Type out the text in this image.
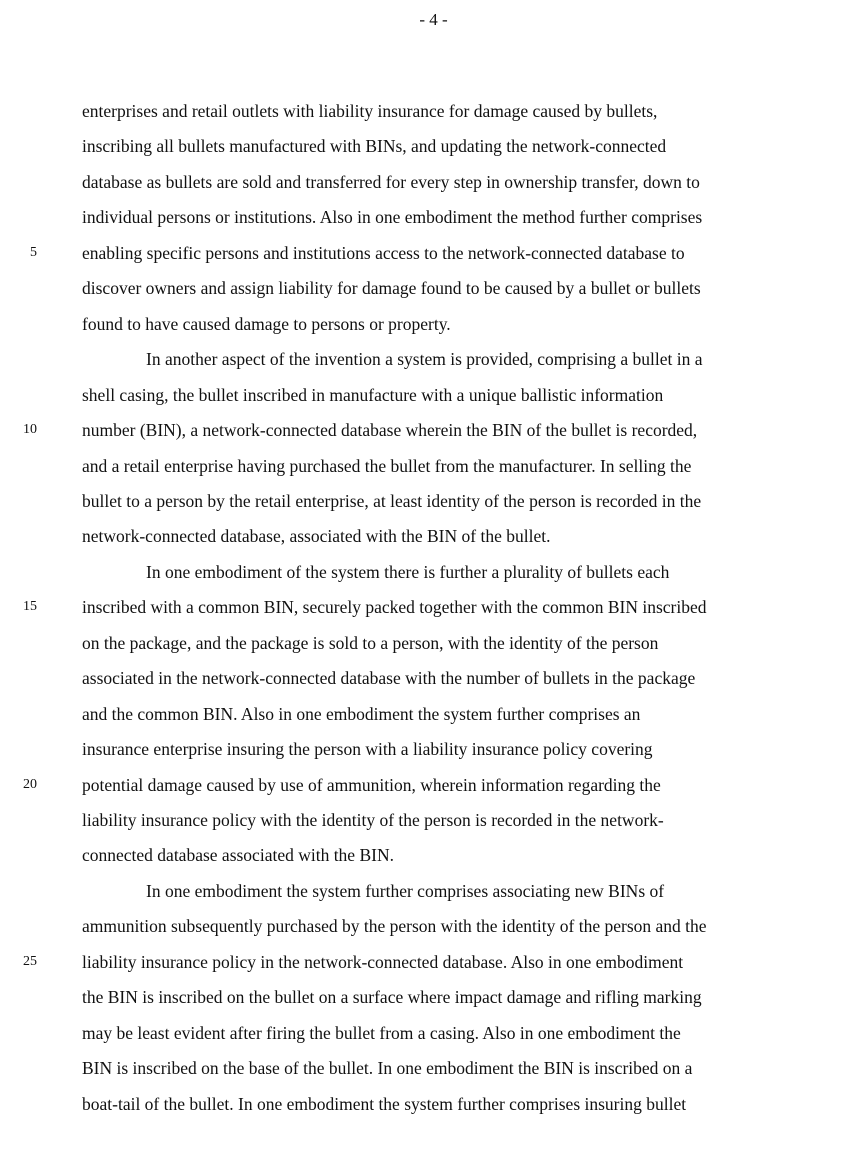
- 4 -
enterprises and retail outlets with liability insurance for damage caused by bullets,
inscribing all bullets manufactured with BINs, and updating the network-connected
database as bullets are sold and transferred for every step in ownership transfer, down to
individual persons or institutions. Also in one embodiment the method further comprises
enabling specific persons and institutions access to the network-connected database to
5
discover owners and assign liability for damage found to be caused by a bullet or bullets
found to have caused damage to persons or property.
In another aspect of the invention a system is provided, comprising a bullet in a
shell casing, the bullet inscribed in manufacture with a unique ballistic information
number (BIN), a network-connected database wherein the BIN of the bullet is recorded,
10
and a retail enterprise having purchased the bullet from the manufacturer. In selling the
bullet to a person by the retail enterprise, at least identity of the person is recorded in the
network-connected database, associated with the BIN of the bullet.
In one embodiment of the system there is further a plurality of bullets each
inscribed with a common BIN, securely packed together with the common BIN inscribed
15
on the package, and the package is sold to a person, with the identity of the person
associated in the network-connected database with the number of bullets in the package
and the common BIN. Also in one embodiment the system further comprises an
insurance enterprise insuring the person with a liability insurance policy covering
potential damage caused by use of ammunition, wherein information regarding the
20
liability insurance policy with the identity of the person is recorded in the network-
connected database associated with the BIN.
In one embodiment the system further comprises associating new BINs of
ammunition subsequently purchased by the person with the identity of the person and the
liability insurance policy in the network-connected database. Also in one embodiment
25
the BIN is inscribed on the bullet on a surface where impact damage and rifling marking
may be least evident after firing the bullet from a casing. Also in one embodiment the
BIN is inscribed on the base of the bullet. In one embodiment the BIN is inscribed on a
boat-tail of the bullet. In one embodiment the system further comprises insuring bullet
